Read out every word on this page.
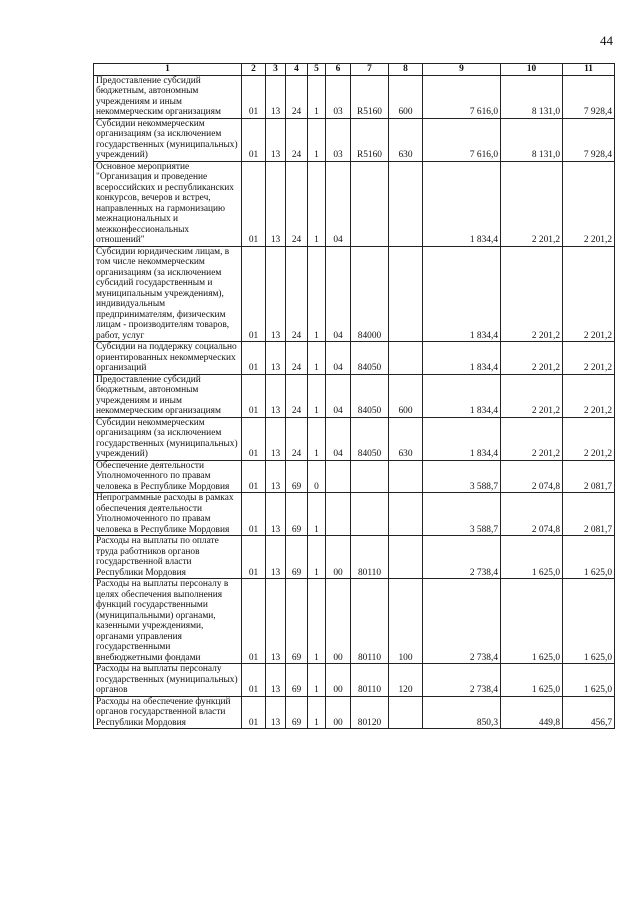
44
1	2	3	4	5	6	7	8	9	10	11
Предоставление субсидий бюджетным, автономным учреждениям и иным некоммерческим организациям	01	13	24	1	03	R5160	600	7 616,0	8 131,0	7 928,4
Субсидии некоммерческим организациям (за исключением государственных (муниципальных) учреждений)	01	13	24	1	03	R5160	630	7 616,0	8 131,0	7 928,4
Основное мероприятие "Организация и проведение всероссийских и республиканских конкурсов, вечеров и встреч, направленных на гармонизацию межнациональных и межконфессиональных отношений"	01	13	24	1	04			1 834,4	2 201,2	2 201,2
Субсидии юридическим лицам, в том числе некоммерческим организациям (за исключением субсидий государственным и муниципальным учреждениям), индивидуальным предпринимателям, физическим лицам - производителям товаров, работ, услуг	01	13	24	1	04	84000		1 834,4	2 201,2	2 201,2
Субсидии на поддержку социально ориентированных некоммерческих организаций	01	13	24	1	04	84050		1 834,4	2 201,2	2 201,2
Предоставление субсидий бюджетным, автономным учреждениям и иным некоммерческим организациям	01	13	24	1	04	84050	600	1 834,4	2 201,2	2 201,2
Субсидии некоммерческим организациям (за исключением государственных (муниципальных) учреждений)	01	13	24	1	04	84050	630	1 834,4	2 201,2	2 201,2
Обеспечение деятельности Уполномоченного по правам человека в Республике Мордовия	01	13	69	0				3 588,7	2 074,8	2 081,7
Непрограммные расходы в рамках обеспечения деятельности Уполномоченного по правам человека в Республике Мордовия	01	13	69	1				3 588,7	2 074,8	2 081,7
Расходы на выплаты по оплате труда работников органов государственной власти Республики Мордовия	01	13	69	1	00	80110		2 738,4	1 625,0	1 625,0
Расходы на выплаты персоналу в целях обеспечения выполнения функций государственными (муниципальными) органами, казенными учреждениями, органами управления государственными внебюджетными фондами	01	13	69	1	00	80110	100	2 738,4	1 625,0	1 625,0
Расходы на выплаты персоналу государственных (муниципальных) органов	01	13	69	1	00	80110	120	2 738,4	1 625,0	1 625,0
Расходы на обеспечение функций органов государственной власти Республики Мордовия	01	13	69	1	00	80120		850,3	449,8	456,7
